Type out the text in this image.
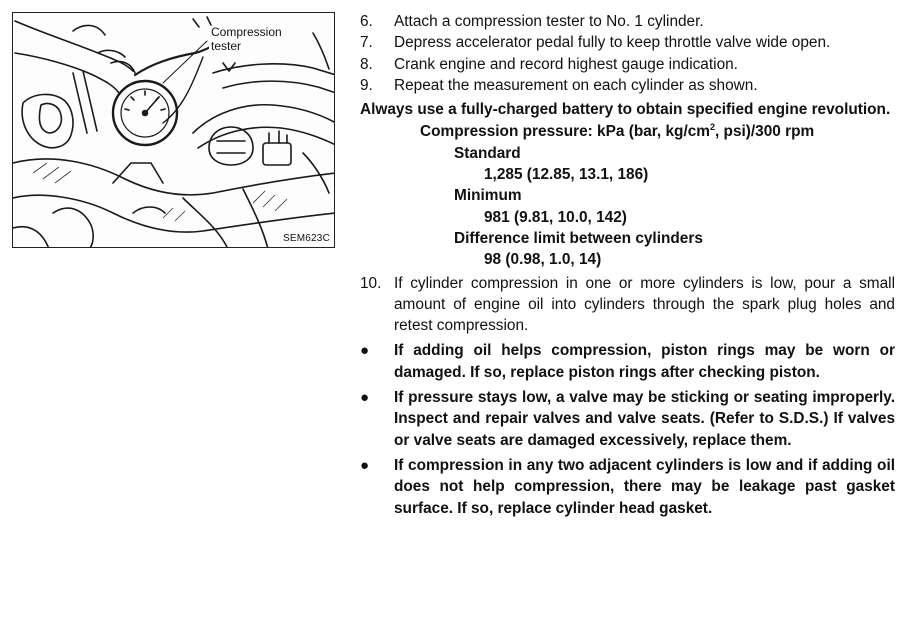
Compression
tester
SEM623C
6.	Attach a compression tester to No. 1 cylinder.
7.	Depress accelerator pedal fully to keep throttle valve wide open.
8.	Crank engine and record highest gauge indication.
9.	Repeat the measurement on each cylinder as shown.
Always use a fully-charged battery to obtain specified engine revolution.
Compression pressure: kPa (bar, $kg/cm^2$, psi)/300 rpm
Standard
1,285 (12.85, 13.1, 186)
Minimum
981 (9.81, 10.0, 142)
Difference limit between cylinders
98 (0.98, 1.0, 14)
10. If cylinder compression in one or more cylinders is low, pour a small amount of engine oil into cylinders through the spark plug holes and retest compression.
●	If adding oil helps compression, piston rings may be worn or damaged. If so, replace piston rings after checking piston.
●	If pressure stays low, a valve may be sticking or seating improperly. Inspect and repair valves and valve seats. (Refer to S.D.S.) If valves or valve seats are damaged excessively, replace them.
●	If compression in any two adjacent cylinders is low and if adding oil does not help compression, there may be leakage past gasket surface. If so, replace cylinder head gasket.
